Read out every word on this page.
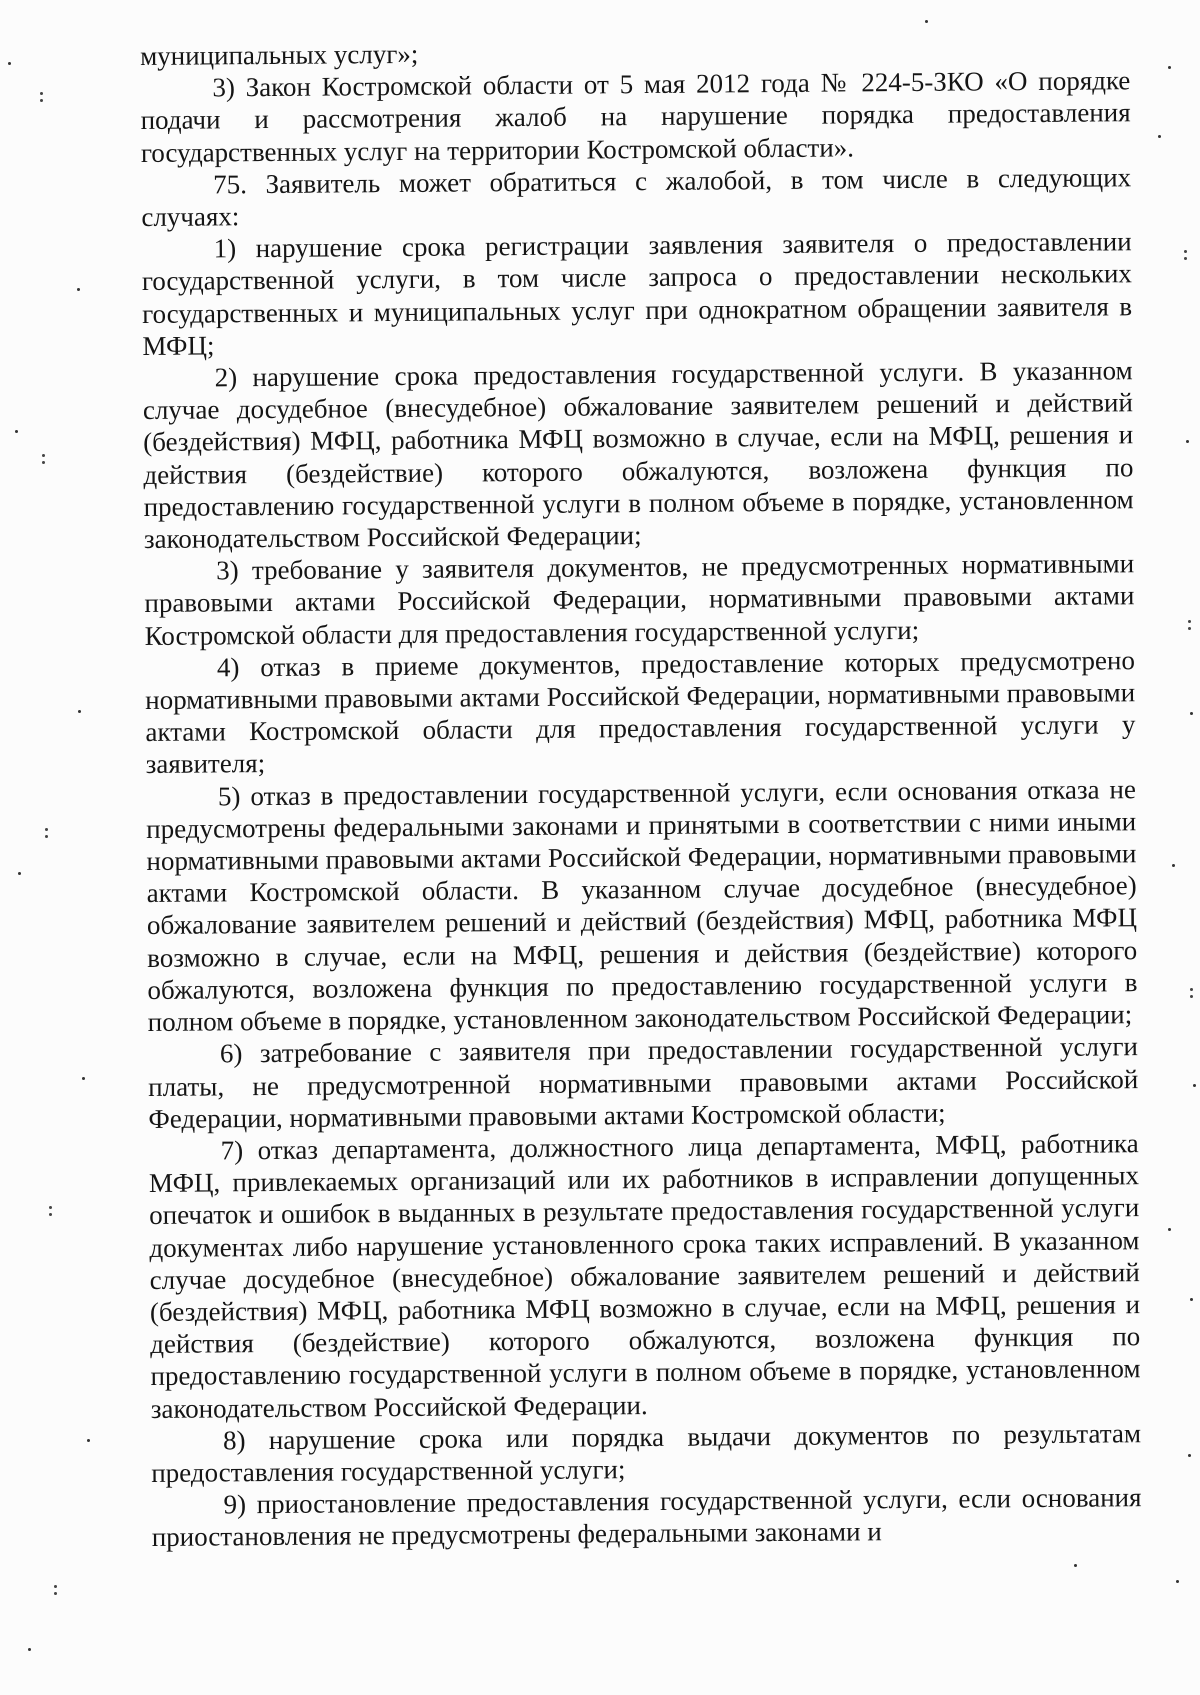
муниципальных услуг»;

3) Закон Костромской области от 5 мая 2012 года № 224-5-ЗКО «О порядке подачи и рассмотрения жалоб на нарушение порядка предоставления государственных услуг на территории Костромской области».

75. Заявитель может обратиться с жалобой, в том числе в следующих случаях:

1) нарушение срока регистрации заявления заявителя о предоставлении государственной услуги, в том числе запроса о предоставлении нескольких государственных и муниципальных услуг при однократном обращении заявителя в МФЦ;

2) нарушение срока предоставления государственной услуги. В указанном случае досудебное (внесудебное) обжалование заявителем решений и действий (бездействия) МФЦ, работника МФЦ возможно в случае, если на МФЦ, решения и действия (бездействие) которого обжалуются, возложена функция по предоставлению государственной услуги в полном объеме в порядке, установленном законодательством Российской Федерации;

3) требование у заявителя документов, не предусмотренных нормативными правовыми актами Российской Федерации, нормативными правовыми актами Костромской области для предоставления государственной услуги;

4) отказ в приеме документов, предоставление которых предусмотрено нормативными правовыми актами Российской Федерации, нормативными правовыми актами Костромской области для предоставления государственной услуги у заявителя;

5) отказ в предоставлении государственной услуги, если основания отказа не предусмотрены федеральными законами и принятыми в соответствии с ними иными нормативными правовыми актами Российской Федерации, нормативными правовыми актами Костромской области. В указанном случае досудебное (внесудебное) обжалование заявителем решений и действий (бездействия) МФЦ, работника МФЦ возможно в случае, если на МФЦ, решения и действия (бездействие) которого обжалуются, возложена функция по предоставлению государственной услуги в полном объеме в порядке, установленном законодательством Российской Федерации;

6) затребование с заявителя при предоставлении государственной услуги платы, не предусмотренной нормативными правовыми актами Российской Федерации, нормативными правовыми актами Костромской области;

7) отказ департамента, должностного лица департамента, МФЦ, работника МФЦ, привлекаемых организаций или их работников в исправлении допущенных опечаток и ошибок в выданных в результате предоставления государственной услуги документах либо нарушение установленного срока таких исправлений. В указанном случае досудебное (внесудебное) обжалование заявителем решений и действий (бездействия) МФЦ, работника МФЦ возможно в случае, если на МФЦ, решения и действия (бездействие) которого обжалуются, возложена функция по предоставлению государственной услуги в полном объеме в порядке, установленном законодательством Российской Федерации.

8) нарушение срока или порядка выдачи документов по результатам предоставления государственной услуги;

9) приостановление предоставления государственной услуги, если основания приостановления не предусмотрены федеральными законами и
